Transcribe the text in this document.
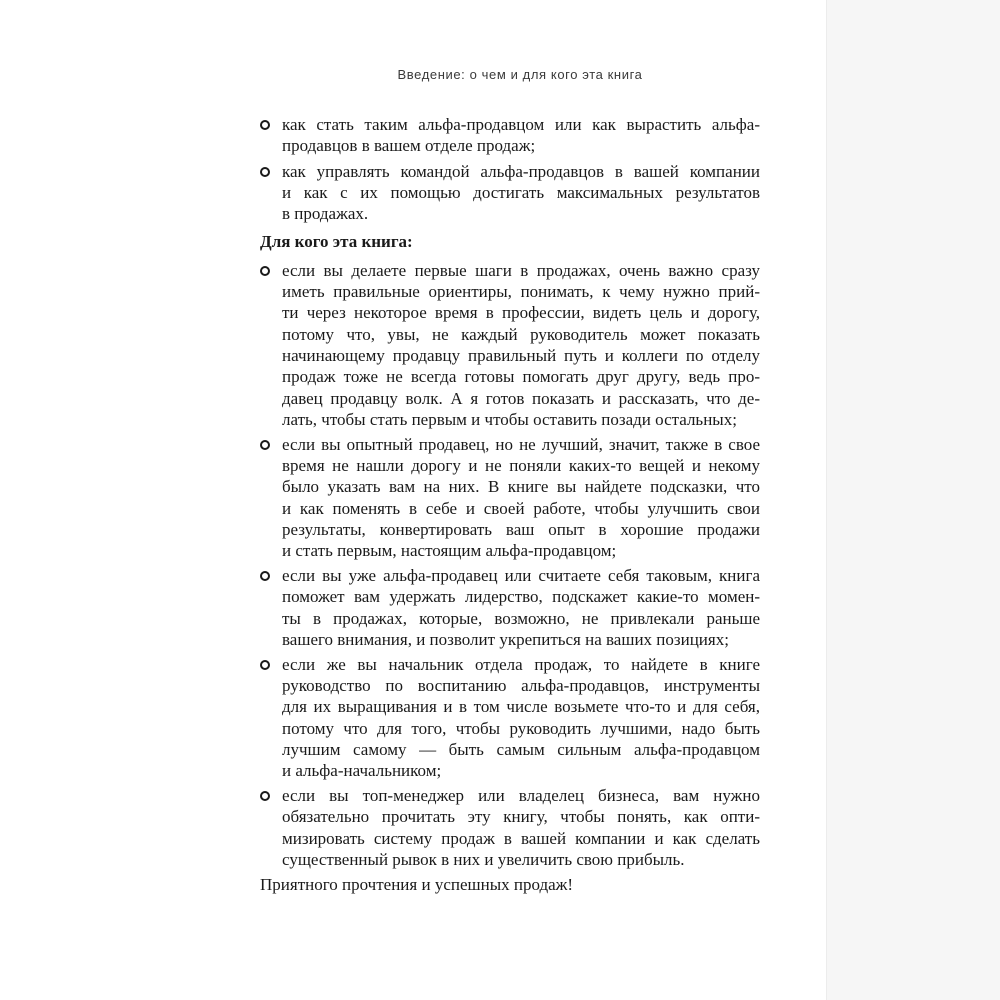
Введение: о чем и для кого эта книга
как стать таким альфа-продавцом или как вырастить альфа-
продавцов в вашем отделе продаж;
как управлять командой альфа-продавцов в вашей компании
и как с их помощью достигать максимальных результатов
в продажах.
Для кого эта книга:
если вы делаете первые шаги в продажах, очень важно сразу
иметь правильные ориентиры, понимать, к чему нужно прий-
ти через некоторое время в профессии, видеть цель и дорогу,
потому что, увы, не каждый руководитель может показать
начинающему продавцу правильный путь и коллеги по отделу
продаж тоже не всегда готовы помогать друг другу, ведь про-
давец продавцу волк. А я готов показать и рассказать, что де-
лать, чтобы стать первым и чтобы оставить позади остальных;
если вы опытный продавец, но не лучший, значит, также в свое
время не нашли дорогу и не поняли каких-то вещей и некому
было указать вам на них. В книге вы найдете подсказки, что
и как поменять в себе и своей работе, чтобы улучшить свои
результаты, конвертировать ваш опыт в хорошие продажи
и стать первым, настоящим альфа-продавцом;
если вы уже альфа-продавец или считаете себя таковым, книга
поможет вам удержать лидерство, подскажет какие-то момен-
ты в продажах, которые, возможно, не привлекали раньше
вашего внимания, и позволит укрепиться на ваших позициях;
если же вы начальник отдела продаж, то найдете в книге
руководство по воспитанию альфа-продавцов, инструменты
для их выращивания и в том числе возьмете что-то и для себя,
потому что для того, чтобы руководить лучшими, надо быть
лучшим самому — быть самым сильным альфа-продавцом
и альфа-начальником;
если вы топ-менеджер или владелец бизнеса, вам нужно
обязательно прочитать эту книгу, чтобы понять, как опти-
мизировать систему продаж в вашей компании и как сделать
существенный рывок в них и увеличить свою прибыль.
Приятного прочтения и успешных продаж!
